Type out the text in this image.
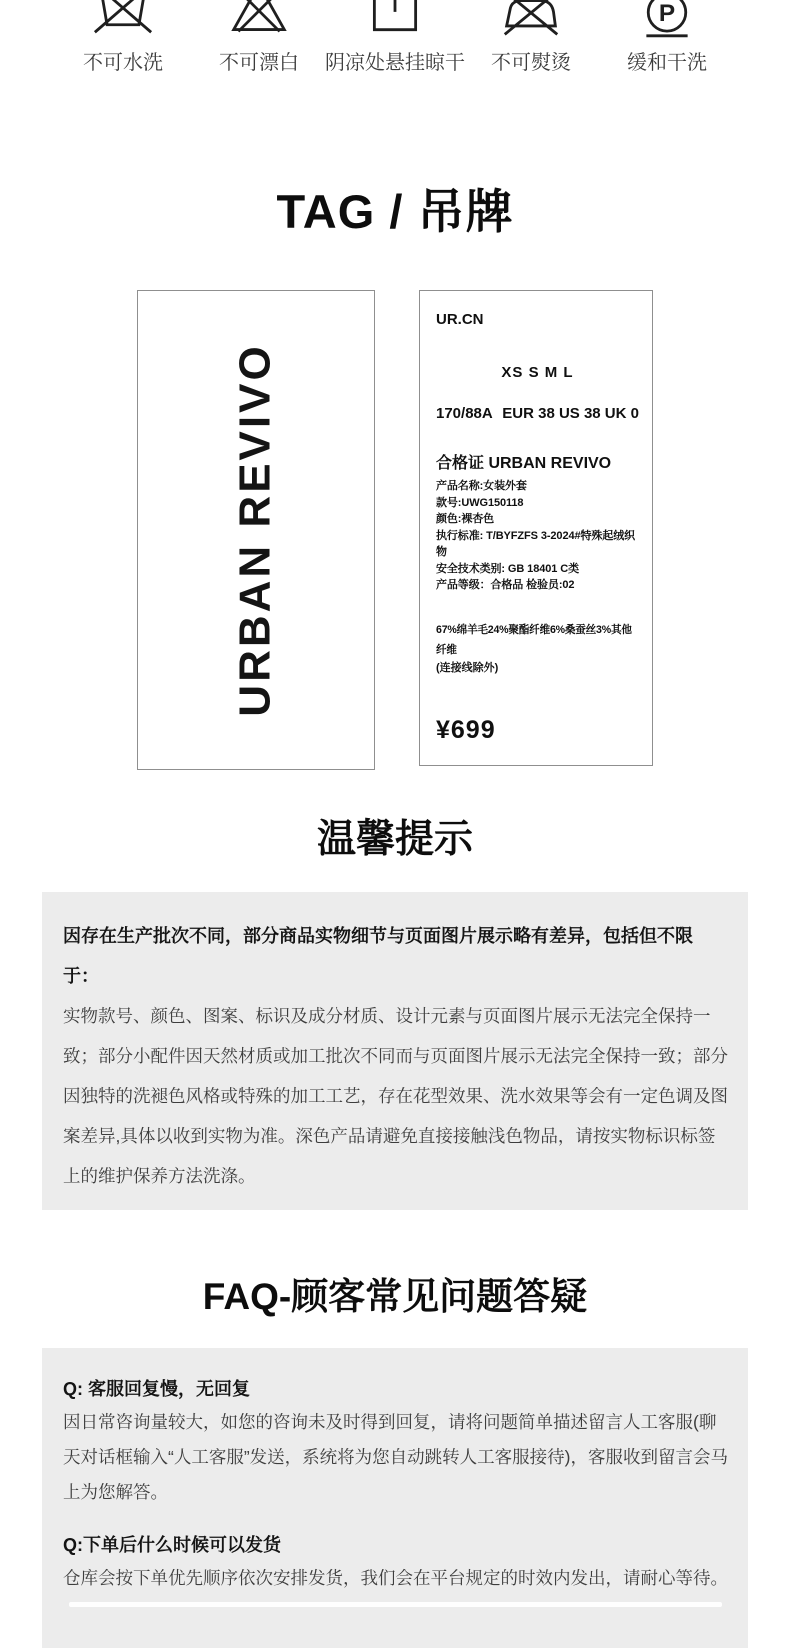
不可水洗	不可漂白 阴凉处悬挂晾干 不可熨烫
P
缓和干洗
TAG / 吊牌
URBAN REVIVO
UR.CN
XS S M L
170/88A EUR 38 US 38 UK 0
合格证 URBAN REVIVO
产品名称:女装外套
款号:UWG150118
颜色:裸杏色
执行标准: T/BYFZFS 3-2024#特殊起绒织物
安全技术类别: GB 18401 C类
产品等级：合格品 检验员:02
67%绵羊毛24%聚酯纤维6%桑蚕丝3%其他纤维
(连接线除外)
¥699
温馨提示
因存在生产批次不同，部分商品实物细节与页面图片展示略有差异，包括但不限于：
实物款号、颜色、图案、标识及成分材质、设计元素与页面图片展示无法完全保持一致；部分小配件因天然材质或加工批次不同而与页面图片展示无法完全保持一致；部分因独特的洗褪色风格或特殊的加工工艺，存在花型效果、洗水效果等会有一定色调及图案差异,具体以收到实物为准。深色产品请避免直接接触浅色物品，请按实物标识标签上的维护保养方法洗涤。
FAQ-顾客常见问题答疑
Q: 客服回复慢，无回复
因日常咨询量较大，如您的咨询未及时得到回复，请将问题简单描述留言人工客服(聊天对话框输入“人工客服”发送，系统将为您自动跳转人工客服接待)，客服收到留言会马上为您解答。
Q:下单后什么时候可以发货
仓库会按下单优先顺序依次安排发货，我们会在平台规定的时效内发出，请耐心等待。
